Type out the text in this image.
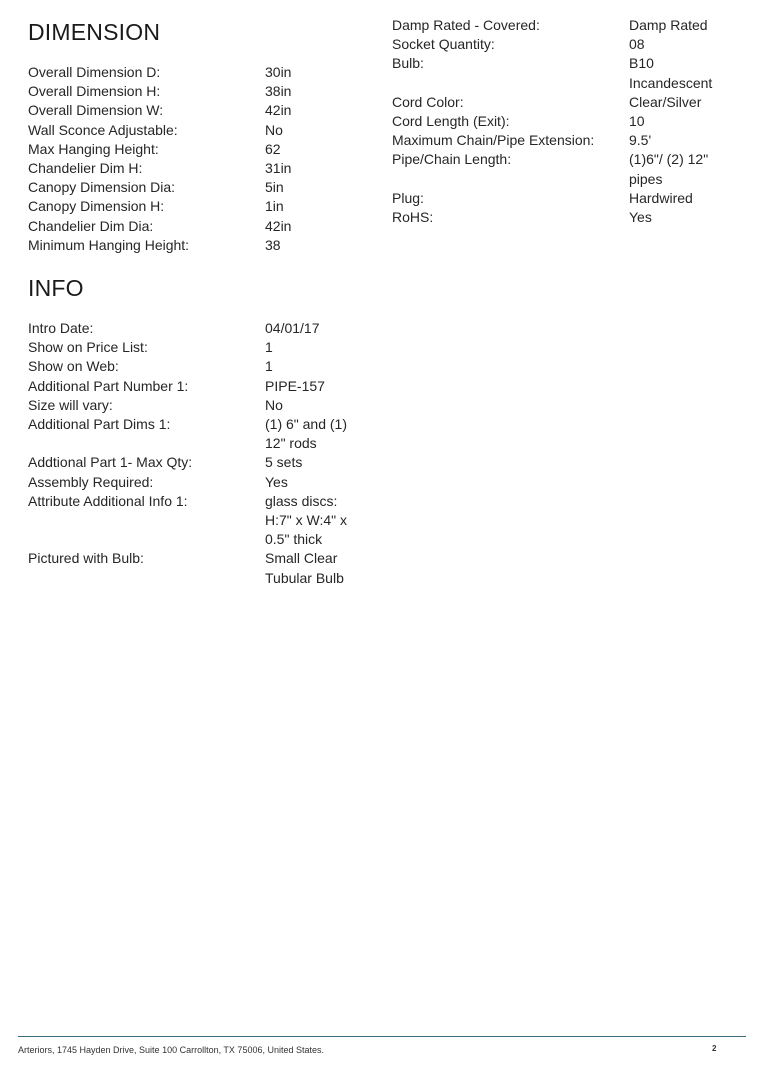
DIMENSION
Overall Dimension D:	30in
Overall Dimension H:	38in
Overall Dimension W:	42in
Wall Sconce Adjustable:	No
Max Hanging Height:	62
Chandelier Dim H:	31in
Canopy Dimension Dia:	5in
Canopy Dimension H:	1in
Chandelier Dim Dia:	42in
Minimum Hanging Height:	38
INFO
Intro Date:	04/01/17
Show on Price List:	1
Show on Web:	1
Additional Part Number 1:	PIPE-157
Size will vary:	No
Additional Part Dims 1:	(1) 6" and (1) 12" rods
Addtional Part 1- Max Qty:	5 sets
Assembly Required:	Yes
Attribute Additional Info 1:	glass discs: H:7" x W:4" x 0.5" thick
Pictured with Bulb:	Small Clear Tubular Bulb
Damp Rated - Covered:	Damp Rated
Socket Quantity:	08
Bulb:	B10 Incandescent
Cord Color:	Clear/Silver
Cord Length (Exit):	10
Maximum Chain/Pipe Extension:	9.5'
Pipe/Chain Length:	(1)6"/ (2) 12" pipes
Plug:	Hardwired
RoHS:	Yes
Arteriors, 1745 Hayden Drive, Suite 100 Carrollton, TX 75006, United States.	2
